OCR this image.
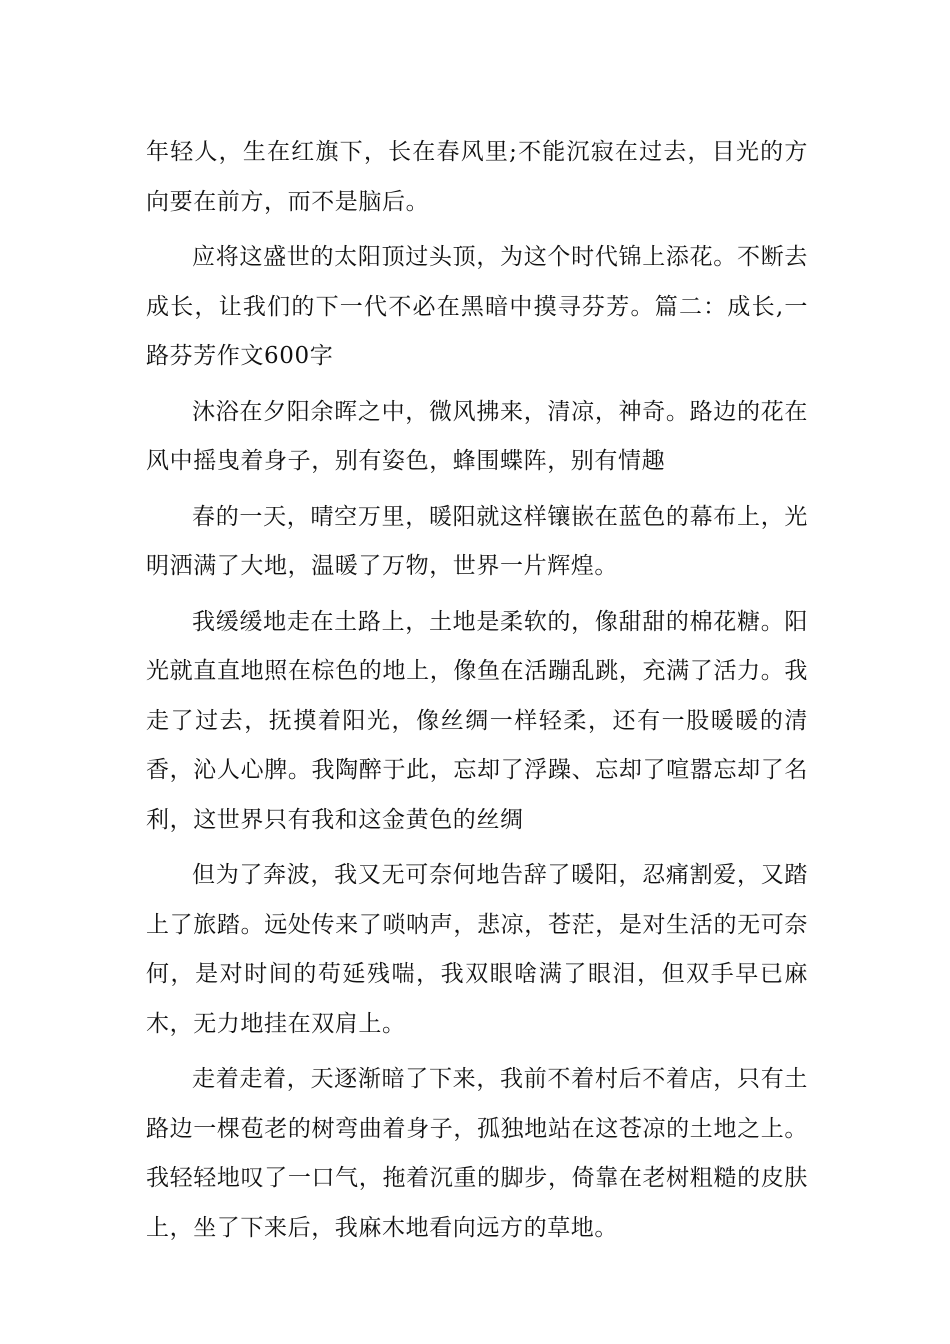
年轻人，生在红旗下，长在春风里;不能沉寂在过去，目光的方向要在前方，而不是脑后。

应将这盛世的太阳顶过头顶，为这个时代锦上添花。不断去成长，让我们的下一代不必在黑暗中摸寻芬芳。篇二：成长,一路芬芳作文600字

沐浴在夕阳余晖之中，微风拂来，清凉，神奇。路边的花在风中摇曳着身子，别有姿色，蜂围蝶阵，别有情趣

春的一天，晴空万里，暖阳就这样镶嵌在蓝色的幕布上，光明洒满了大地，温暖了万物，世界一片辉煌。

我缓缓地走在土路上，土地是柔软的，像甜甜的棉花糖。阳光就直直地照在棕色的地上，像鱼在活蹦乱跳，充满了活力。我走了过去，抚摸着阳光，像丝绸一样轻柔，还有一股暖暖的清香，沁人心脾。我陶醉于此，忘却了浮躁、忘却了喧嚣忘却了名利，这世界只有我和这金黄色的丝绸

但为了奔波，我又无可奈何地告辞了暖阳，忍痛割爱，又踏上了旅踏。远处传来了唢呐声，悲凉，苍茫，是对生活的无可奈何，是对时间的苟延残喘，我双眼啥满了眼泪，但双手早已麻木，无力地挂在双肩上。

走着走着，天逐渐暗了下来，我前不着村后不着店，只有土路边一棵苞老的树弯曲着身子，孤独地站在这苍凉的土地之上。我轻轻地叹了一口气，拖着沉重的脚步，倚靠在老树粗糙的皮肤上，坐了下来后，我麻木地看向远方的草地。
